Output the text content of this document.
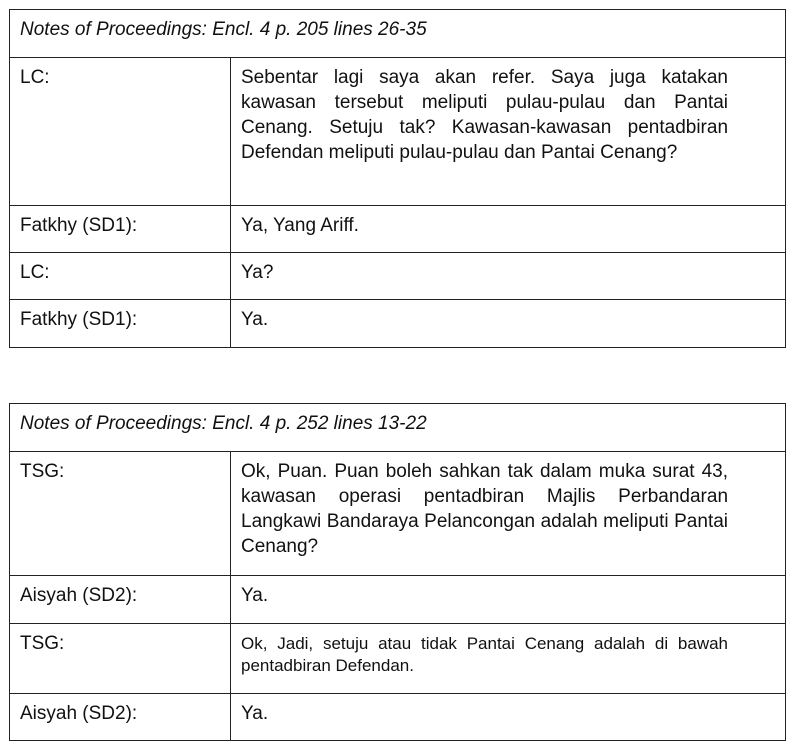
Notes of Proceedings: Encl. 4 p. 205 lines 26-35	
LC:	Sebentar lagi saya akan refer. Saya juga katakan kawasan tersebut meliputi pulau-pulau dan Pantai Cenang. Setuju tak? Kawasan-kawasan pentadbiran Defendan meliputi pulau-pulau dan Pantai Cenang?
Fatkhy (SD1):	Ya, Yang Ariff.
LC:	Ya?
Fatkhy (SD1):	Ya.
Notes of Proceedings: Encl. 4 p. 252 lines 13-22	
TSG:	Ok, Puan. Puan boleh sahkan tak dalam muka surat 43, kawasan operasi pentadbiran Majlis Perbandaran Langkawi Bandaraya Pelancongan adalah meliputi Pantai Cenang?
Aisyah (SD2):	Ya.
TSG:	Ok, Jadi, setuju atau tidak Pantai Cenang adalah di bawah pentadbiran Defendan.
Aisyah (SD2):	Ya.
